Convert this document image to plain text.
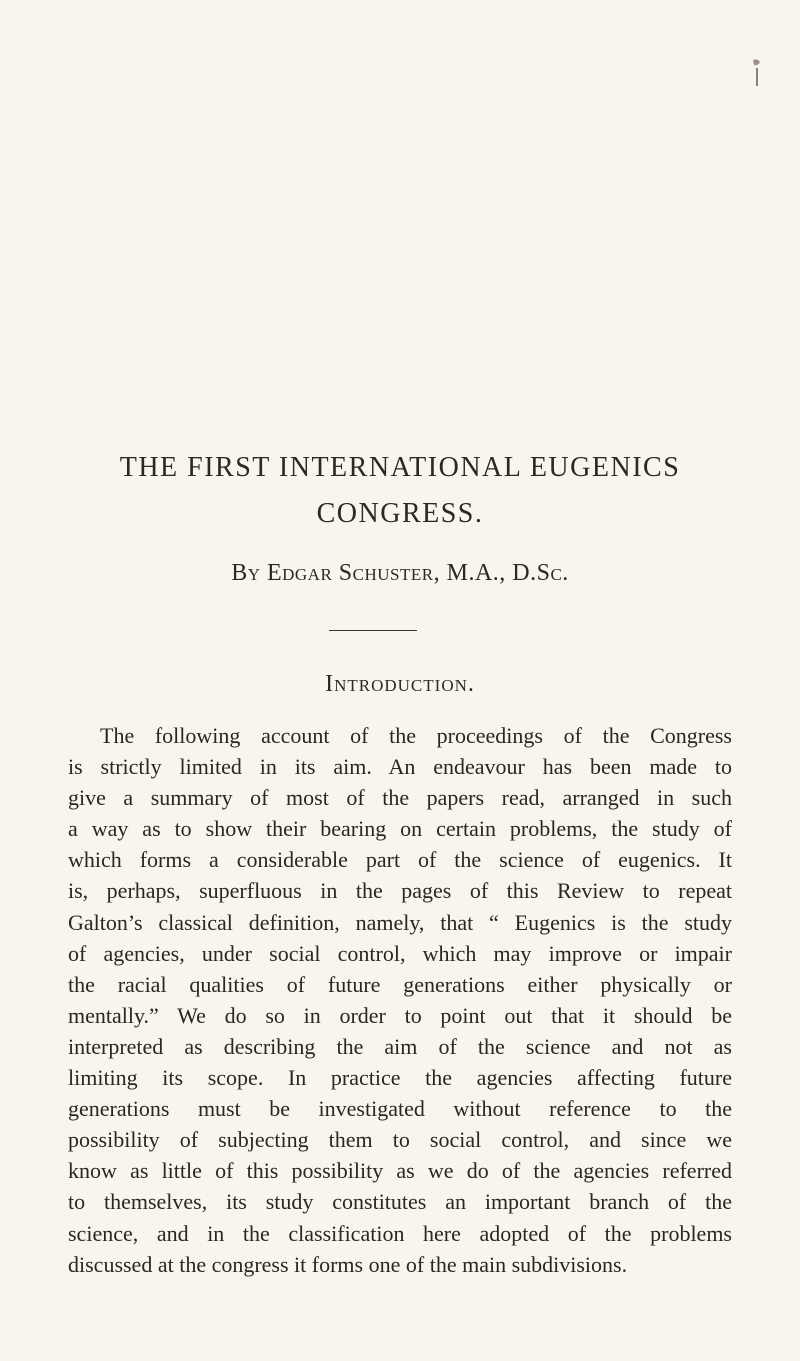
THE FIRST INTERNATIONAL EUGENICS
CONGRESS.
By Edgar Schuster, M.A., D.Sc.
Introduction.
The following account of the proceedings of the Congress
is strictly limited in its aim. An endeavour has been made to
give a summary of most of the papers read, arranged in such
a way as to show their bearing on certain problems, the study of
which forms a considerable part of the science of eugenics. It
is, perhaps, superfluous in the pages of this Review to repeat
Galton’s classical definition, namely, that “ Eugenics is the study
of agencies, under social control, which may improve or impair
the racial qualities of future generations either physically or
mentally.” We do so in order to point out that it should be
interpreted as describing the aim of the science and not as
limiting its scope. In practice the agencies affecting future
generations must be investigated without reference to the
possibility of subjecting them to social control, and since we
know as little of this possibility as we do of the agencies referred
to themselves, its study constitutes an important branch of the
science, and in the classification here adopted of the problems
discussed at the congress it forms one of the main subdivisions.
